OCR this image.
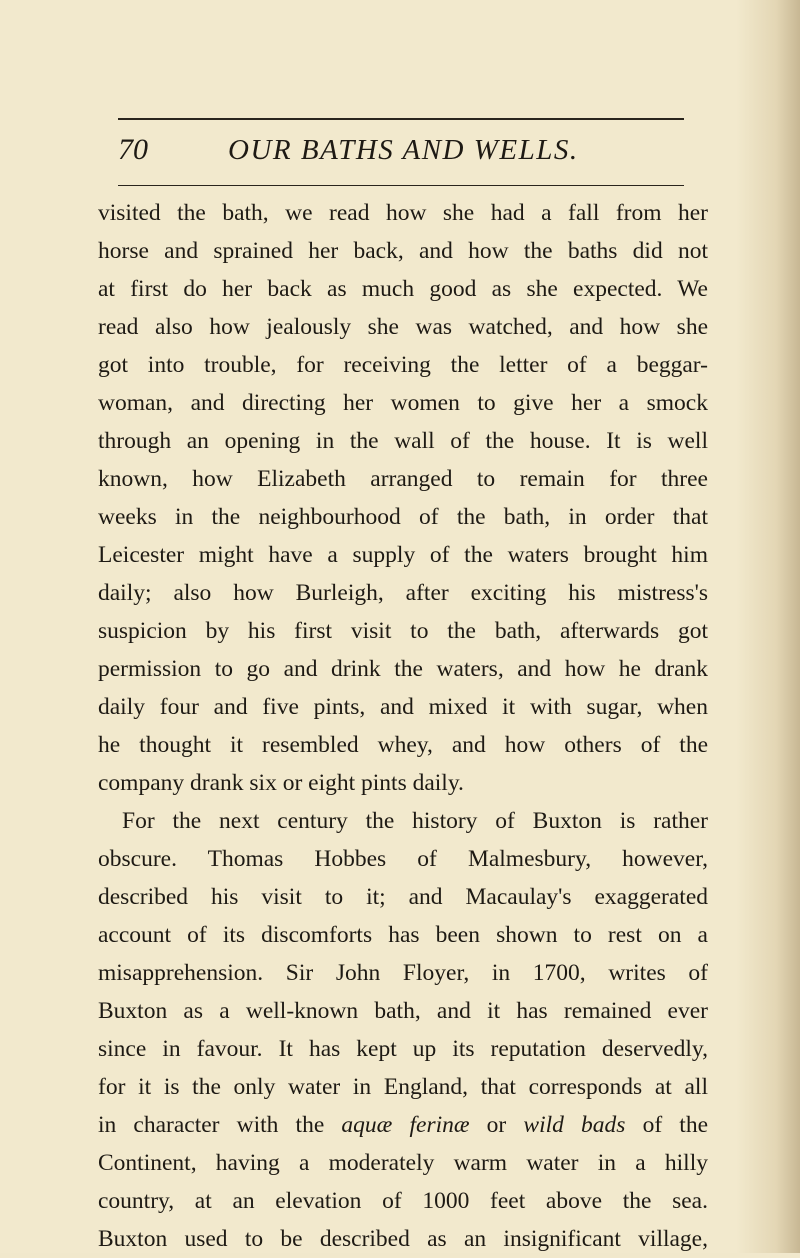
70	OUR BATHS AND WELLS.
visited the bath, we read how she had a fall from her
horse and sprained her back, and how the baths did not
at first do her back as much good as she expected. We
read also how jealously she was watched, and how she
got into trouble, for receiving the letter of a beggar-
woman, and directing her women to give her a smock
through an opening in the wall of the house. It is well
known, how Elizabeth arranged to remain for three
weeks in the neighbourhood of the bath, in order that
Leicester might have a supply of the waters brought him
daily; also how Burleigh, after exciting his mistress's
suspicion by his first visit to the bath, afterwards got
permission to go and drink the waters, and how he drank
daily four and five pints, and mixed it with sugar, when
he thought it resembled whey, and how others of the
company drank six or eight pints daily.
For the next century the history of Buxton is rather
obscure. Thomas Hobbes of Malmesbury, however,
described his visit to it; and Macaulay's exaggerated
account of its discomforts has been shown to rest on a
misapprehension. Sir John Floyer, in 1700, writes of
Buxton as a well-known bath, and it has remained ever
since in favour. It has kept up its reputation deservedly,
for it is the only water in England, that corresponds at all
in character with the aquæ ferinæ or wild bads of the
Continent, having a moderately warm water in a hilly
country, at an elevation of 1000 feet above the sea.
Buxton used to be described as an insignificant village,
